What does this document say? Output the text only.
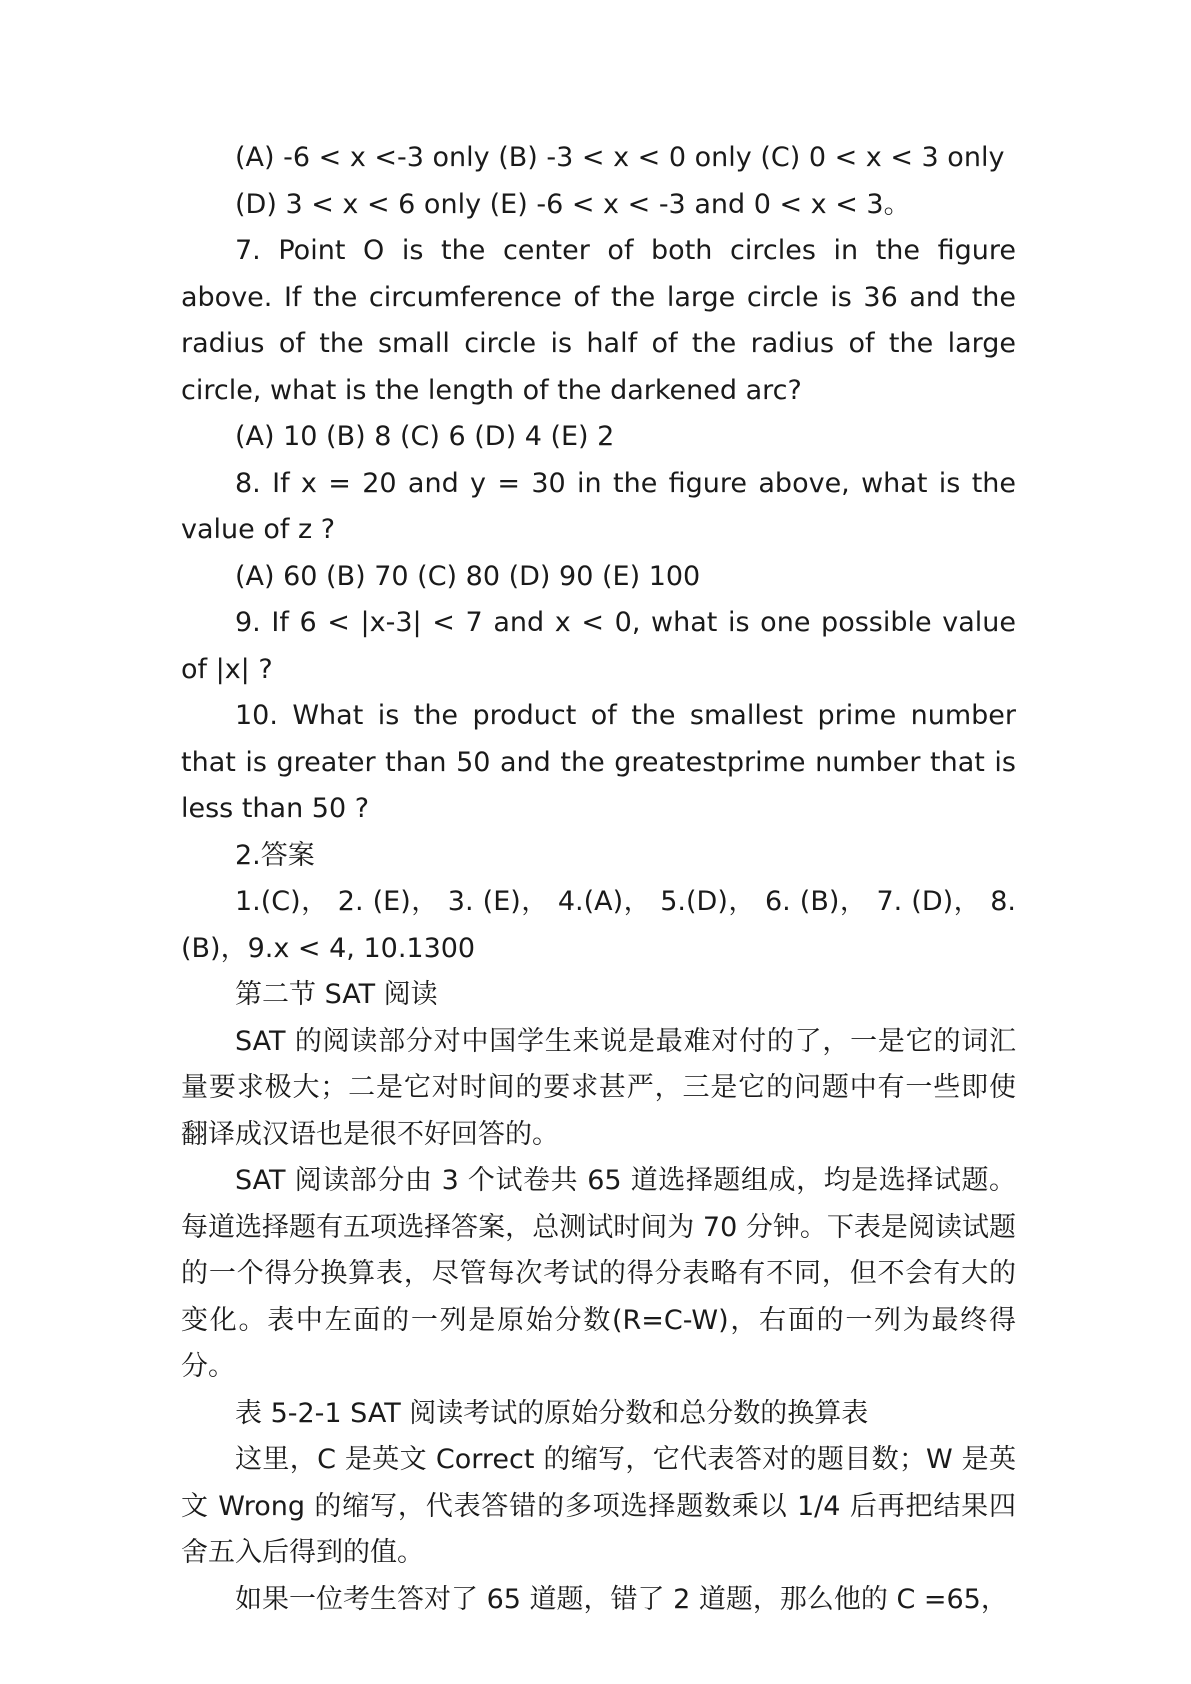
(A) -6 < x <-3 only (B) -3 < x < 0 only (C) 0 < x < 3 only

(D) 3 < x < 6 only (E) -6 < x < -3 and 0 < x < 3。

7. Point O is the center of both circles in the figure above. If the circumference of the large circle is 36 and the radius of the small circle is half of the radius of the large circle, what is the length of the darkened arc?

(A) 10 (B) 8 (C) 6 (D) 4 (E) 2

8. If x = 20 and y = 30 in the figure above, what is the value of z ?

(A) 60 (B) 70 (C) 80 (D) 90 (E) 100

9. If 6 < |x-3| < 7 and x < 0, what is one possible value of |x| ?

10. What is the product of the smallest prime number that is greater than 50 and the greatestprime number that is less than 50 ?

2.答案

1.(C)， 2. (E)， 3. (E)， 4.(A)， 5.(D)， 6. (B)， 7. (D)， 8. (B)，9.x < 4, 10.1300

第二节 SAT 阅读

SAT 的阅读部分对中国学生来说是最难对付的了，一是它的词汇量要求极大；二是它对时间的要求甚严，三是它的问题中有一些即使翻译成汉语也是很不好回答的。

SAT 阅读部分由 3 个试卷共 65 道选择题组成，均是选择试题。每道选择题有五项选择答案，总测试时间为 70 分钟。下表是阅读试题的一个得分换算表，尽管每次考试的得分表略有不同，但不会有大的变化。表中左面的一列是原始分数(R=C-W)，右面的一列为最终得分。

表 5-2-1 SAT 阅读考试的原始分数和总分数的换算表

这里，C 是英文 Correct 的缩写，它代表答对的题目数；W 是英文 Wrong 的缩写，代表答错的多项选择题数乘以 1/4 后再把结果四舍五入后得到的值。

如果一位考生答对了 65 道题，错了 2 道题，那么他的 C =65，
